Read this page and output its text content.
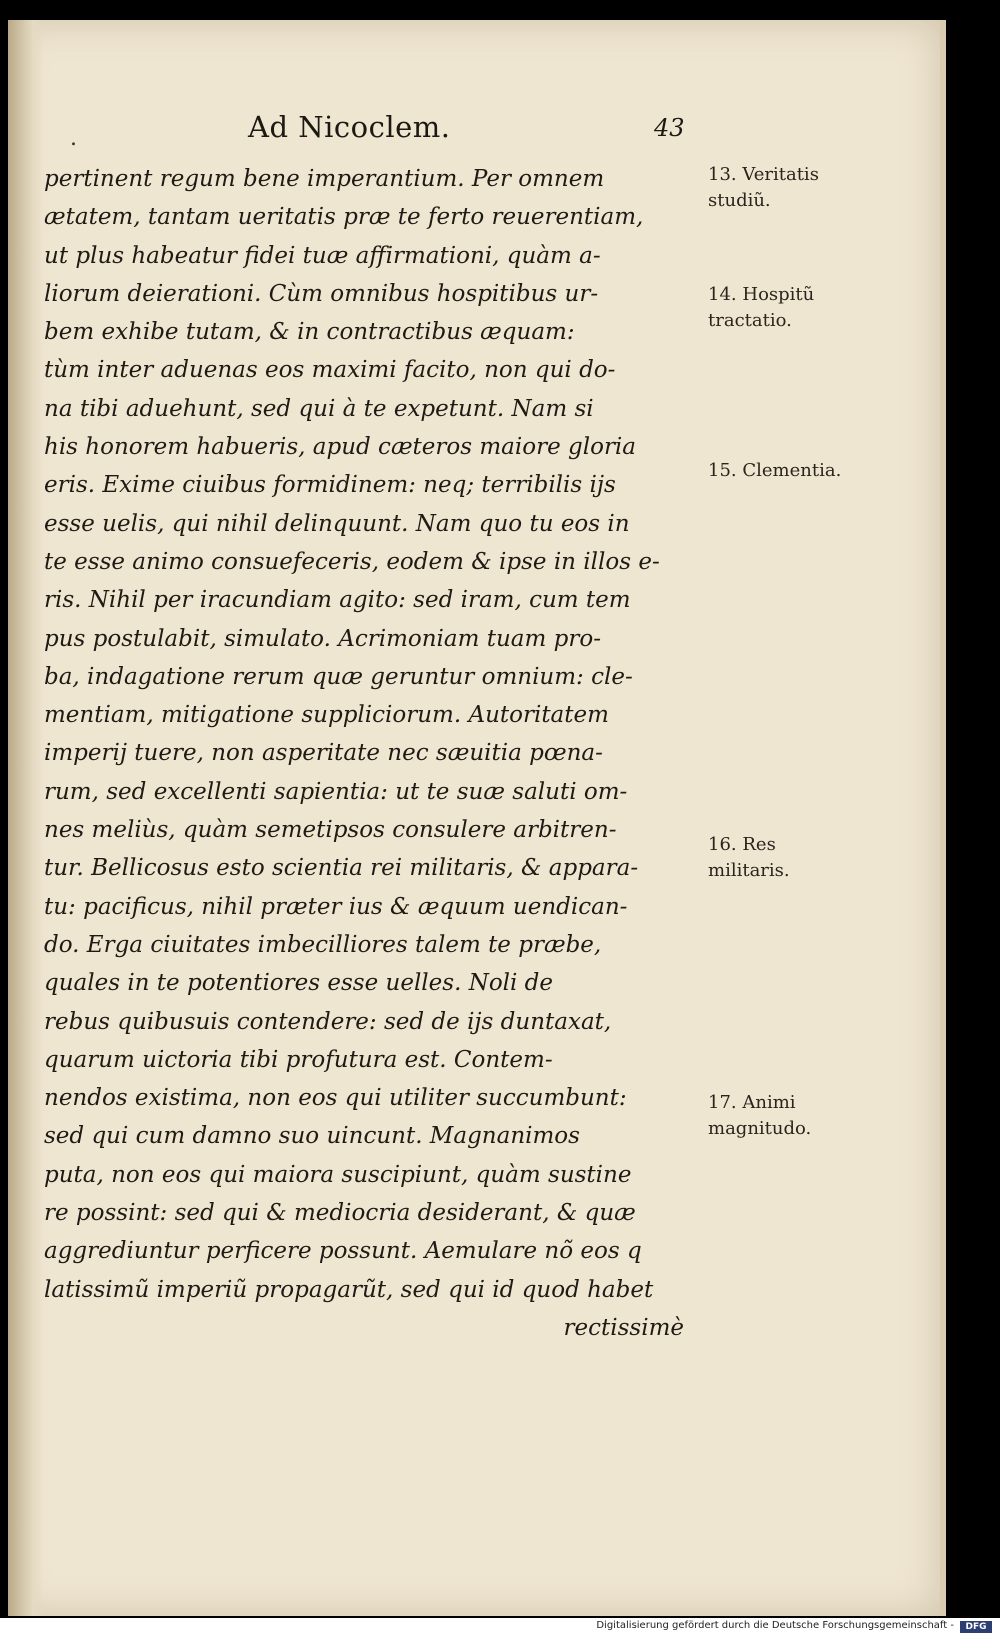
.	Ad Nicoclem.	43
pertinent regum bene imperantium. Per omnem
ætatem, tantam ueritatis præ te ferto reuerentiam,
ut plus habeatur fidei tuæ affirmationi, quàm a-
liorum deierationi. Cùm omnibus hospitibus ur-
bem exhibe tutam, & in contractibus æquam:
tùm inter aduenas eos maximi facito, non qui do-
na tibi aduehunt, sed qui à te expetunt. Nam si
his honorem habueris, apud cæteros maiore gloria
eris. Exime ciuibus formidinem: neq; terribilis ijs
esse uelis, qui nihil delinquunt. Nam quo tu eos in
te esse animo consuefeceris, eodem & ipse in illos e-
ris. Nihil per iracundiam agito: sed iram, cum tem
pus postulabit, simulato. Acrimoniam tuam pro-
ba, indagatione rerum quæ geruntur omnium: cle-
mentiam, mitigatione suppliciorum. Autoritatem
imperij tuere, non asperitate nec sæuitia pœna-
rum, sed excellenti sapientia: ut te suæ saluti om-
nes meliùs, quàm semetipsos consulere arbitren-
tur. Bellicosus esto scientia rei militaris, & appara-
tu: pacificus, nihil præter ius & æquum uendican-
do. Erga ciuitates imbecilliores talem te præbe,
quales in te potentiores esse uelles. Noli de
rebus quibusuis contendere: sed de ijs duntaxat,
quarum uictoria tibi profutura est. Contem-
nendos existima, non eos qui utiliter succumbunt:
sed qui cum damno suo uincunt. Magnanimos
puta, non eos qui maiora suscipiunt, quàm sustine
re possint: sed qui & mediocria desiderant, & quæ
aggrediuntur perficere possunt. Aemulare nõ eos q
latissimũ imperiũ propagarũt, sed qui id quod habet
rectissimè
13. Veritatis studiũ.
14. Hospitũ tractatio.
15. Clementia.
16. Res militaris.
17. Animi magnitudo.
Digitalisierung gefördert durch die Deutsche Forschungsgemeinschaft -	DFG
